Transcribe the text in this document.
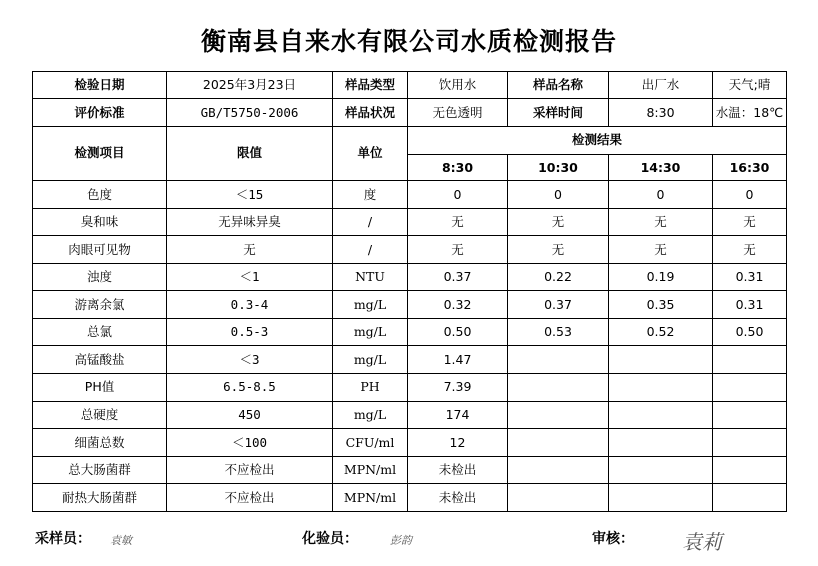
衡南县自来水有限公司水质检测报告
检验日期	2025年3月23日	样品类型	饮用水	样品名称	出厂水	天气;晴
评价标准	GB/T5750-2006	样品状况	无色透明	采样时间	8:30	水温：18℃
检测项目	限值	单位	检测结果			
			8:30	10:30	14:30	16:30
色度	＜15	度	0	0	0	0
臭和味	无异味异臭	/	无	无	无	无
肉眼可见物	无	/	无	无	无	无
浊度	＜1	NTU	0.37	0.22	0.19	0.31
游离余氯	0.3-4	mg/L	0.32	0.37	0.35	0.31
总氯	0.5-3	mg/L	0.50	0.53	0.52	0.50
高锰酸盐	＜3	mg/L	1.47			
PH值	6.5-8.5	PH	7.39			
总硬度	450	mg/L	174			
细菌总数	＜100	CFU/ml	12			
总大肠菌群	不应检出	MPN/ml	未检出			
耐热大肠菌群	不应检出	MPN/ml	未检出			
采样员： 袁敏	化验员：	彭韵	审核： 袁莉
